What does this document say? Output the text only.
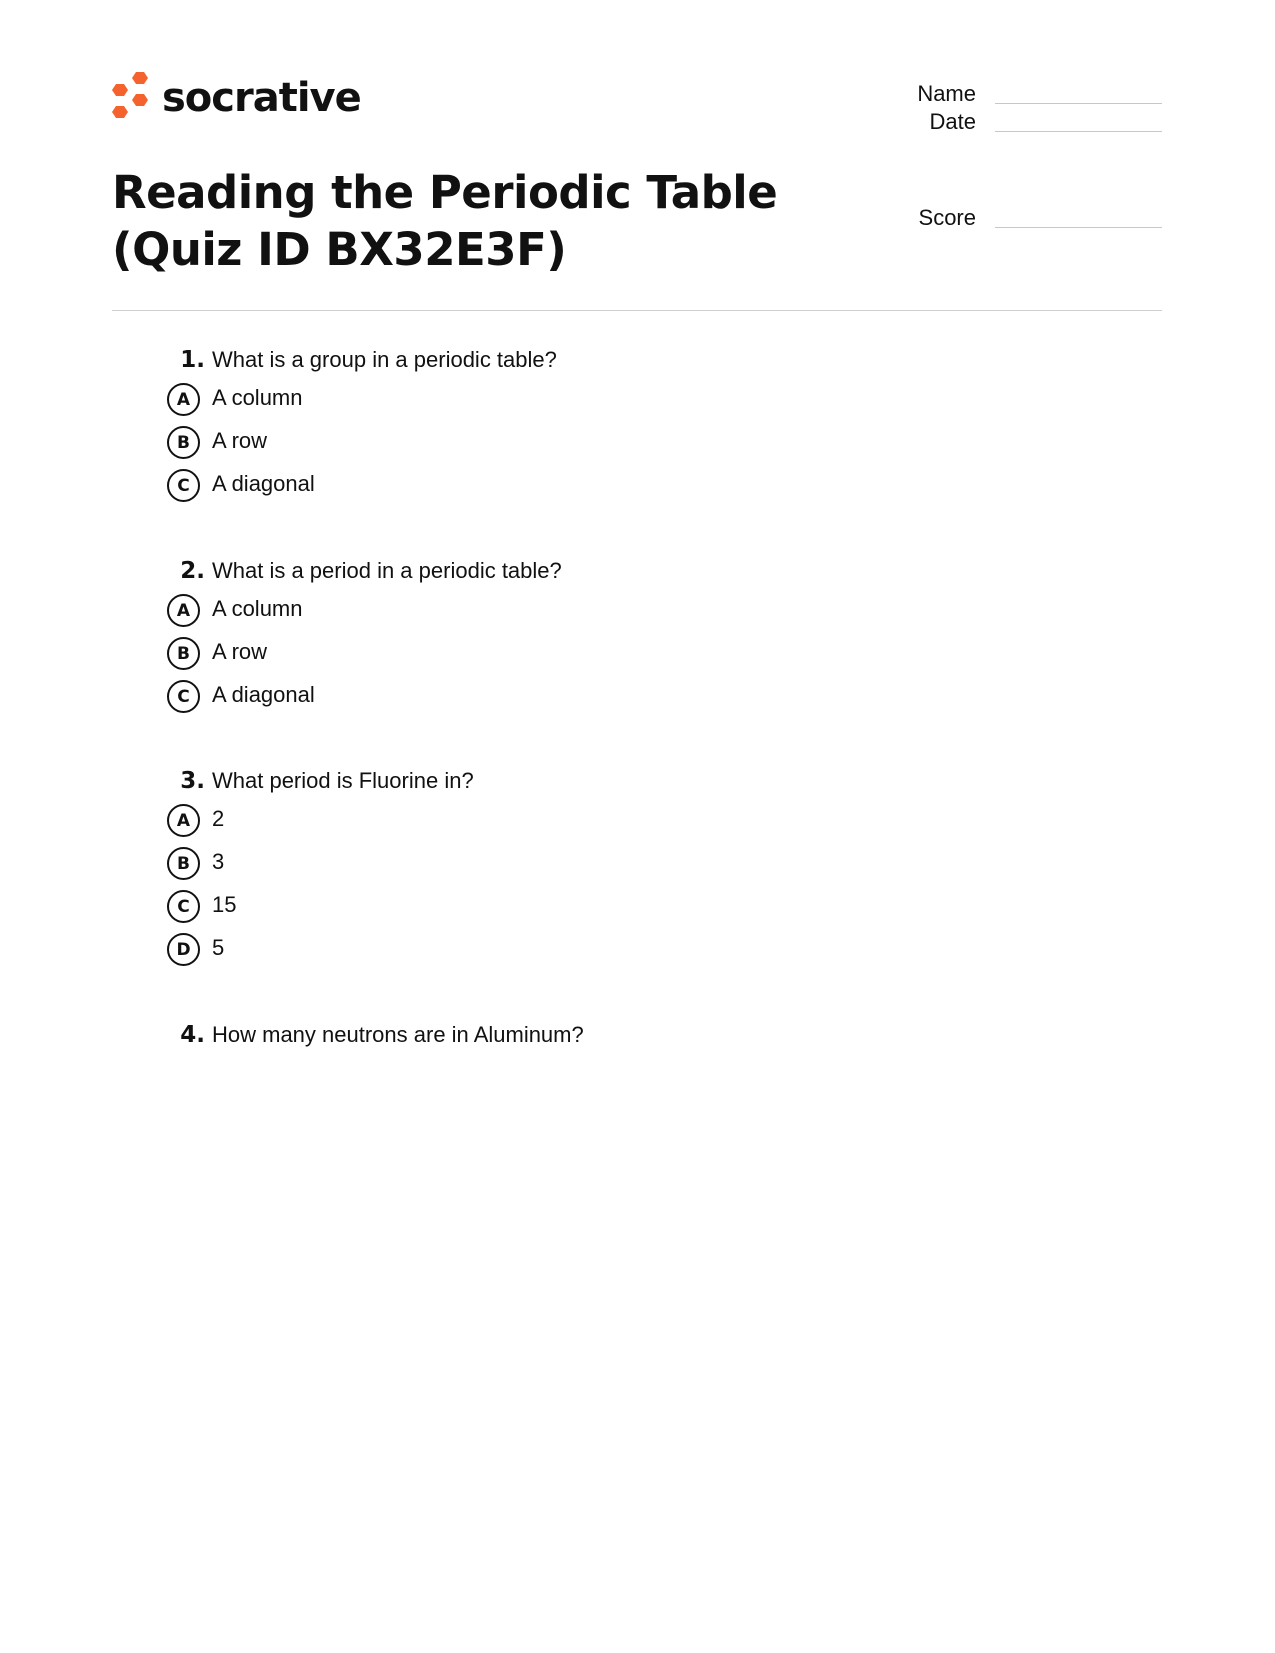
socrative	Name
Date
Score
Reading the Periodic Table (Quiz ID BX32E3F)
1. What is a group in a periodic table?
A A column
B	A row
C	A diagonal
2. What is a period in a periodic table?
A A column
B	A row
C	A diagonal
3. What period is Fluorine in?
A 2
B	3
C	15
D 5
4. How many neutrons are in Aluminum?
